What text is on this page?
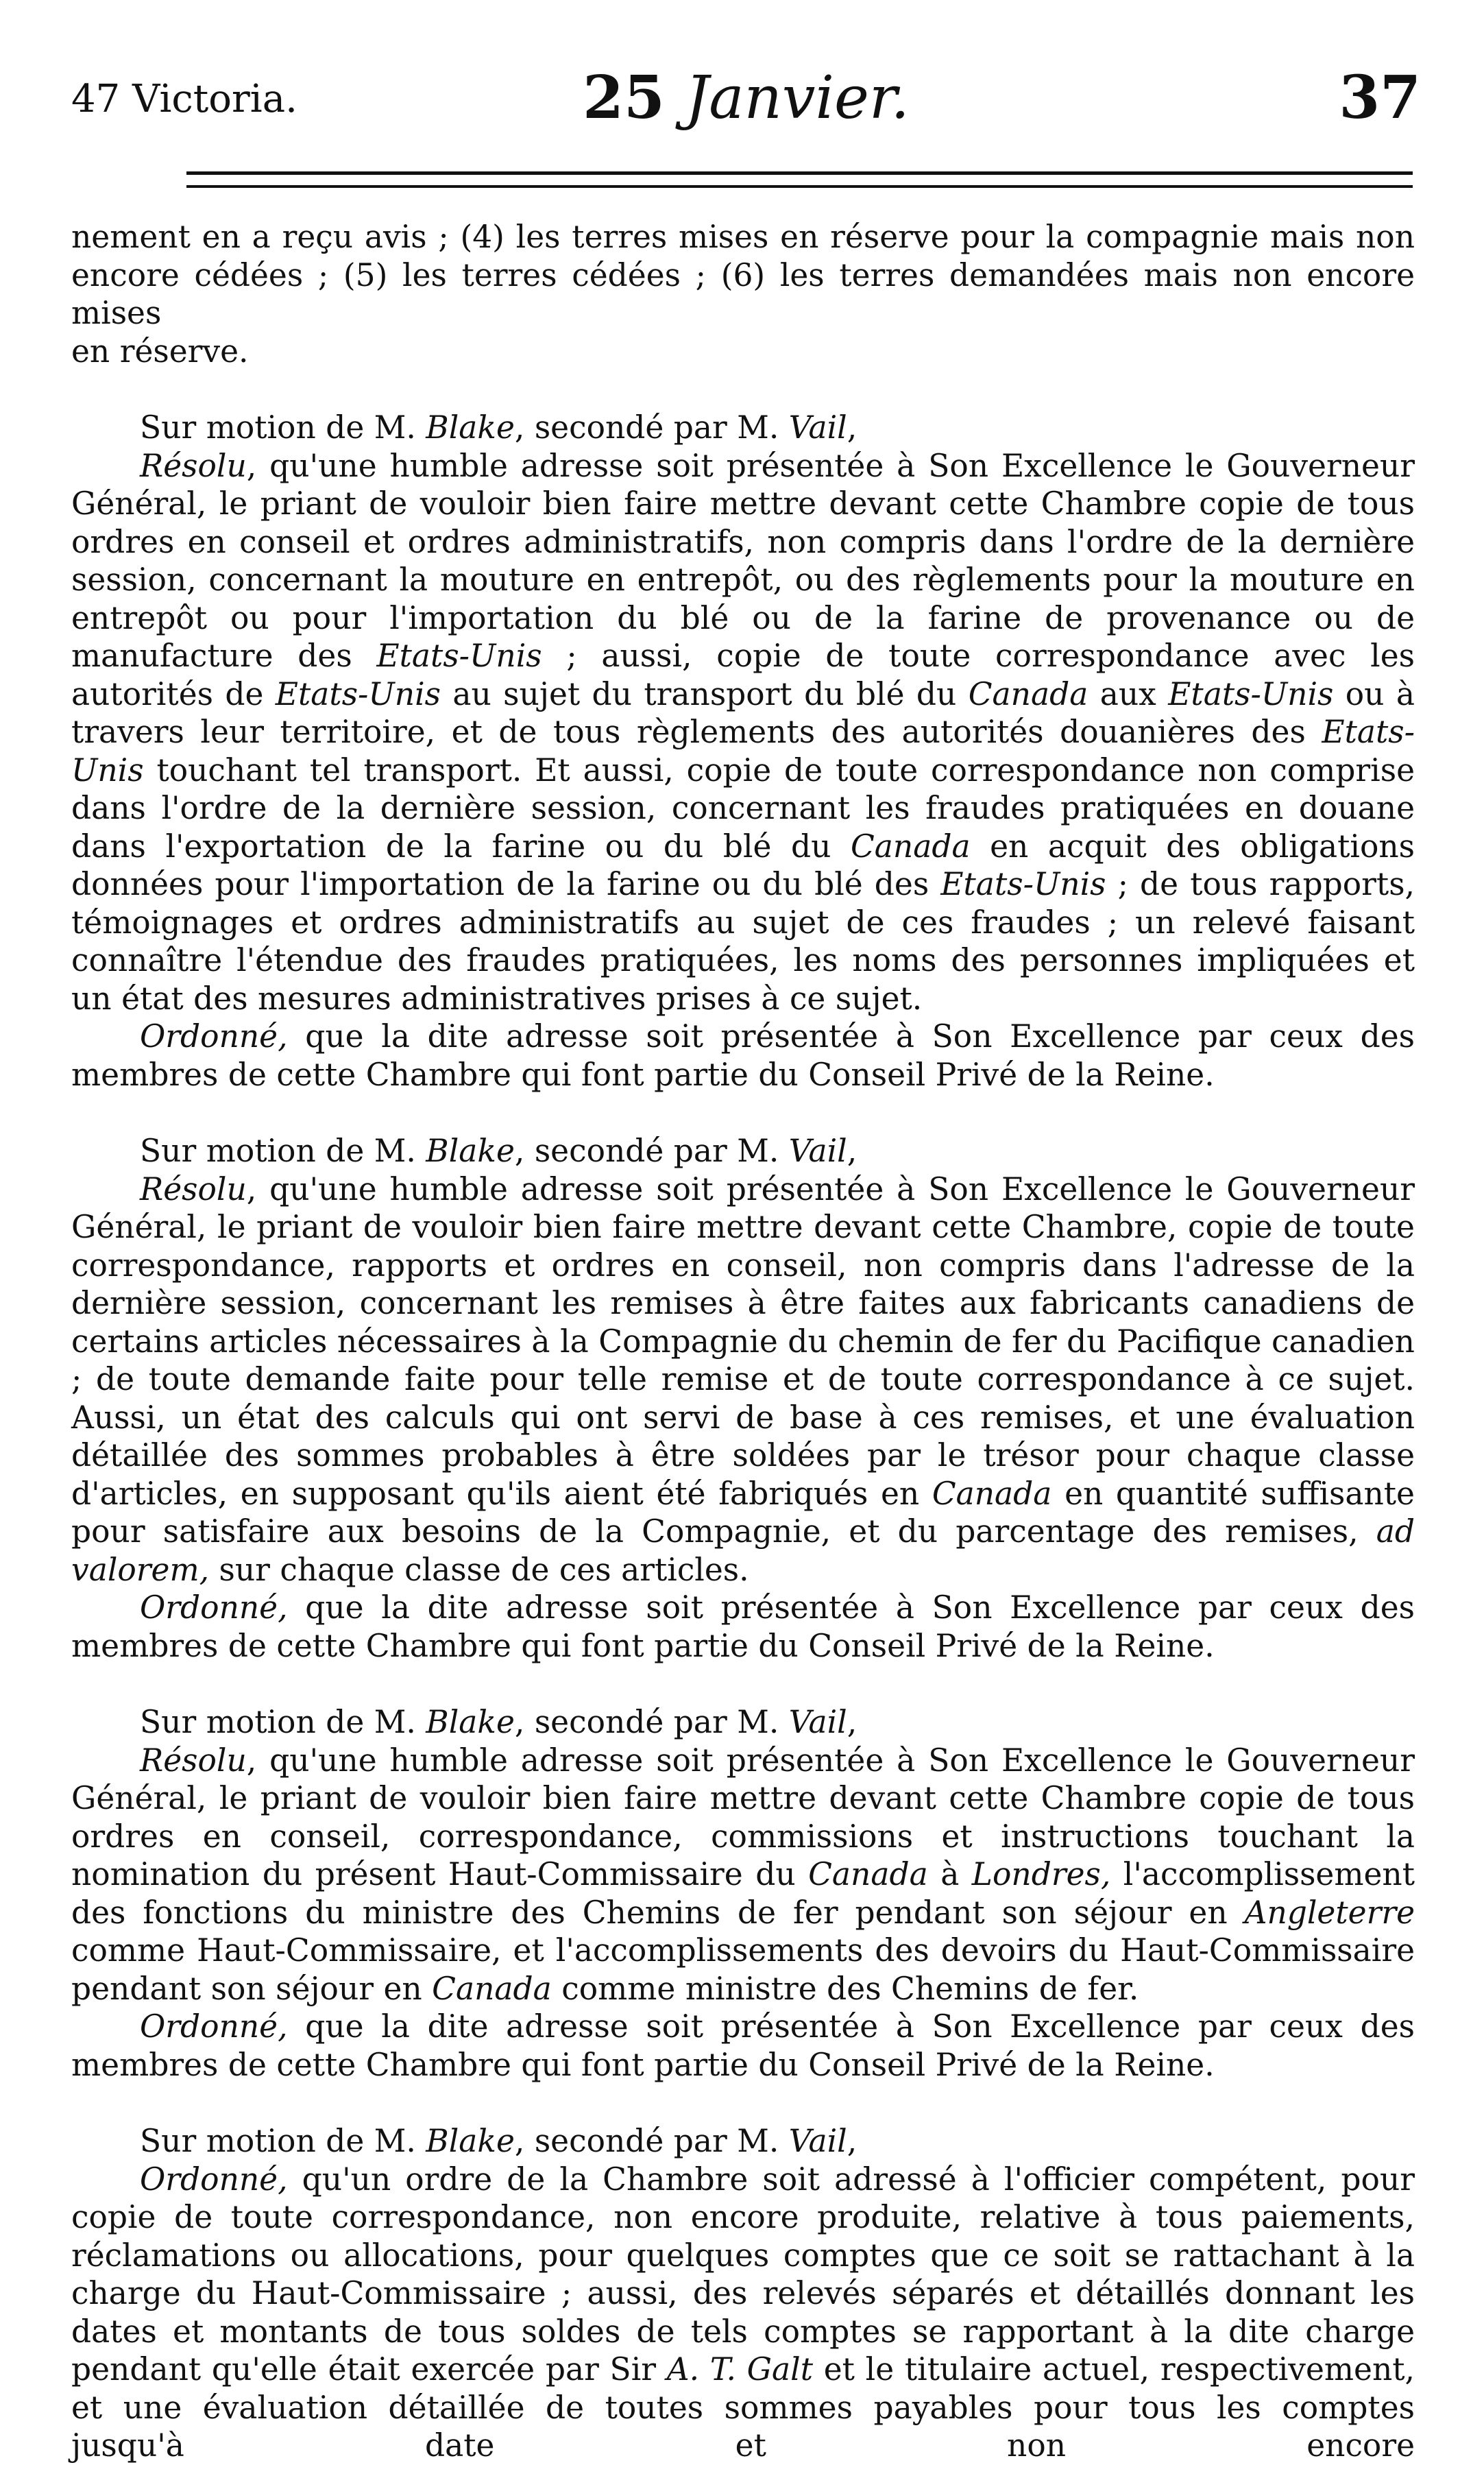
47 Victoria.	25 Janvier.	37

nement en a reçu avis ; (4) les terres mises en réserve pour la compagnie mais non
encore cédées ; (5) les terres cédées ; (6) les terres demandées mais non encore mises
en réserve.

Sur motion de M. Blake, secondé par M. Vail,

Résolu, qu'une humble adresse soit présentée à Son Excellence le Gouverneur Général, le priant de vouloir bien faire mettre devant cette Chambre copie de tous ordres en conseil et ordres administratifs, non compris dans l'ordre de la dernière session, concernant la mouture en entrepôt, ou des règlements pour la mouture en entrepôt ou pour l'importation du blé ou de la farine de provenance ou de manufacture des Etats-Unis ; aussi, copie de toute correspondance avec les autorités de Etats-Unis au sujet du transport du blé du Canada aux Etats-Unis ou à travers leur territoire, et de tous règlements des autorités douanières des Etats-Unis touchant tel transport. Et aussi, copie de toute correspondance non comprise dans l'ordre de la dernière session, concernant les fraudes pratiquées en douane dans l'exportation de la farine ou du blé du Canada en acquit des obligations données pour l'importation de la farine ou du blé des Etats-Unis ; de tous rapports, témoignages et ordres administratifs au sujet de ces fraudes ; un relevé faisant connaître l'étendue des fraudes pratiquées, les noms des personnes impliquées et un état des mesures administratives prises à ce sujet.

Ordonné, que la dite adresse soit présentée à Son Excellence par ceux des membres de cette Chambre qui font partie du Conseil Privé de la Reine.

Sur motion de M. Blake, secondé par M. Vail,

Résolu, qu'une humble adresse soit présentée à Son Excellence le Gouverneur Général, le priant de vouloir bien faire mettre devant cette Chambre, copie de toute correspondance, rapports et ordres en conseil, non compris dans l'adresse de la dernière session, concernant les remises à être faites aux fabricants canadiens de certains articles nécessaires à la Compagnie du chemin de fer du Pacifique canadien ; de toute demande faite pour telle remise et de toute correspondance à ce sujet. Aussi, un état des calculs qui ont servi de base à ces remises, et une évaluation détaillée des sommes probables à être soldées par le trésor pour chaque classe d'articles, en supposant qu'ils aient été fabriqués en Canada en quantité suffisante pour satisfaire aux besoins de la Compagnie, et du parcentage des remises, ad valorem, sur chaque classe de ces articles.

Ordonné, que la dite adresse soit présentée à Son Excellence par ceux des membres de cette Chambre qui font partie du Conseil Privé de la Reine.

Sur motion de M. Blake, secondé par M. Vail,

Résolu, qu'une humble adresse soit présentée à Son Excellence le Gouverneur Général, le priant de vouloir bien faire mettre devant cette Chambre copie de tous ordres en conseil, correspondance, commissions et instructions touchant la nomination du présent Haut-Commissaire du Canada à Londres, l'accomplissement des fonctions du ministre des Chemins de fer pendant son séjour en Angleterre comme Haut-Commissaire, et l'accomplissements des devoirs du Haut-Commissaire pendant son séjour en Canada comme ministre des Chemins de fer.

Ordonné, que la dite adresse soit présentée à Son Excellence par ceux des membres de cette Chambre qui font partie du Conseil Privé de la Reine.

Sur motion de M. Blake, secondé par M. Vail,

Ordonné, qu'un ordre de la Chambre soit adressé à l'officier compétent, pour copie de toute correspondance, non encore produite, relative à tous paiements, réclamations ou allocations, pour quelques comptes que ce soit se rattachant à la charge du Haut-Commissaire ; aussi, des relevés séparés et détaillés donnant les dates et montants de tous soldes de tels comptes se rapportant à la dite charge pendant qu'elle était exercée par Sir A. T. Galt et le titulaire actuel, respectivement, et une évaluation détaillée de toutes sommes payables pour tous les comptes jusqu'à date et non encore
